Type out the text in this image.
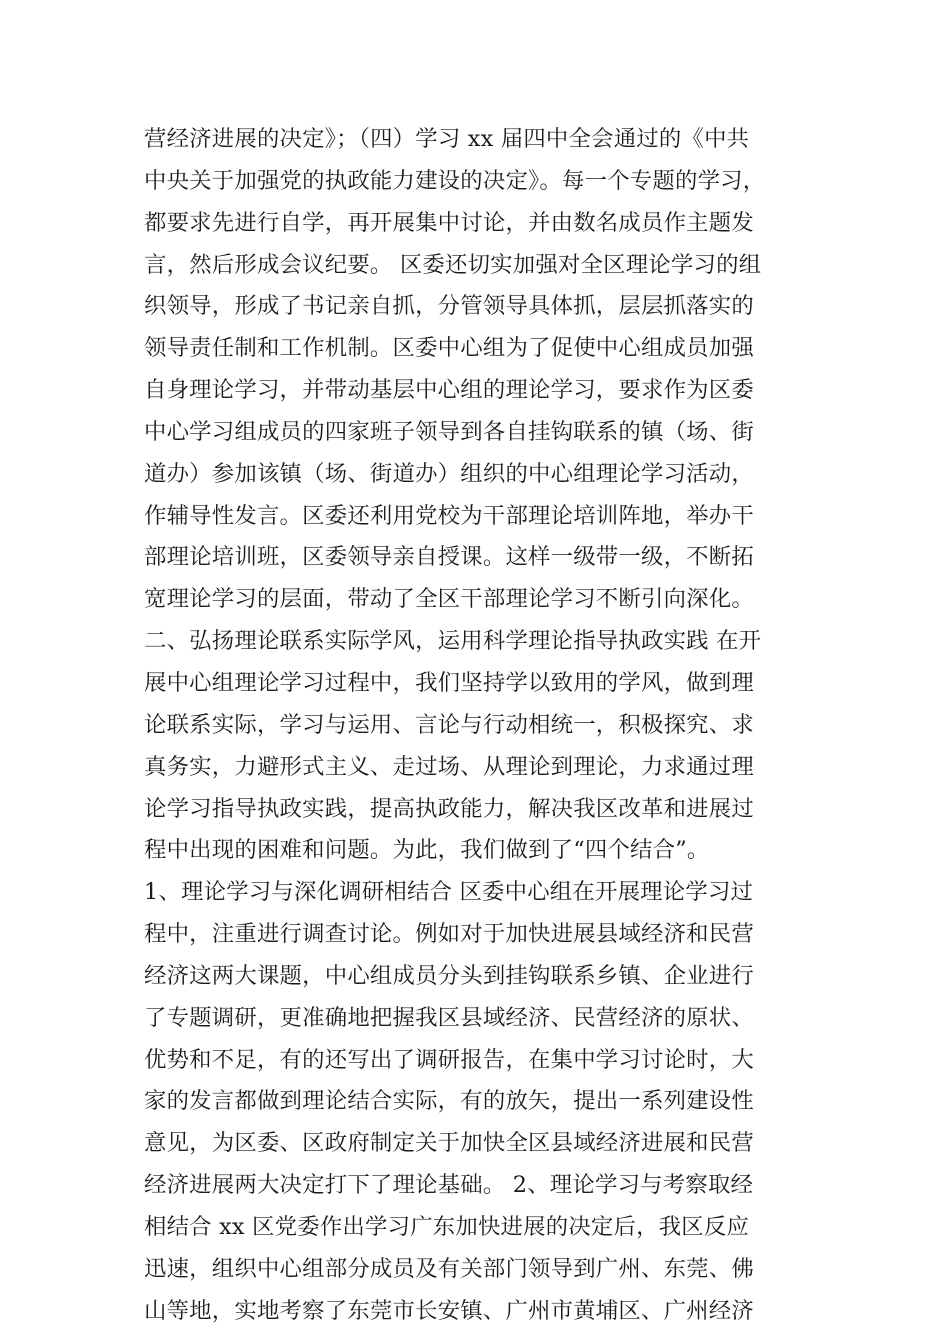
营经济进展的决定》；（四）学习 xx 届四中全会通过的《中共
中央关于加强党的执政能力建设的决定》。每一个专题的学习，
都要求先进行自学，再开展集中讨论，并由数名成员作主题发
言，然后形成会议纪要。 区委还切实加强对全区理论学习的组
织领导，形成了书记亲自抓，分管领导具体抓，层层抓落实的
领导责任制和工作机制。区委中心组为了促使中心组成员加强
自身理论学习，并带动基层中心组的理论学习，要求作为区委
中心学习组成员的四家班子领导到各自挂钩联系的镇（场、街
道办）参加该镇（场、街道办）组织的中心组理论学习活动，
作辅导性发言。区委还利用党校为干部理论培训阵地，举办干
部理论培训班，区委领导亲自授课。这样一级带一级，不断拓
宽理论学习的层面，带动了全区干部理论学习不断引向深化。
二、弘扬理论联系实际学风，运用科学理论指导执政实践 在开
展中心组理论学习过程中，我们坚持学以致用的学风，做到理
论联系实际，学习与运用、言论与行动相统一，积极探究、求
真务实，力避形式主义、走过场、从理论到理论，力求通过理
论学习指导执政实践，提高执政能力，解决我区改革和进展过
程中出现的困难和问题。为此，我们做到了“四个结合”。
1、理论学习与深化调研相结合 区委中心组在开展理论学习过
程中，注重进行调查讨论。例如对于加快进展县域经济和民营
经济这两大课题，中心组成员分头到挂钩联系乡镇、企业进行
了专题调研，更准确地把握我区县域经济、民营经济的原状、
优势和不足，有的还写出了调研报告，在集中学习讨论时，大
家的发言都做到理论结合实际，有的放矢，提出一系列建设性
意见，为区委、区政府制定关于加快全区县域经济进展和民营
经济进展两大决定打下了理论基础。 2、理论学习与考察取经
相结合 xx 区党委作出学习广东加快进展的决定后，我区反应
迅速，组织中心组部分成员及有关部门领导到广州、东莞、佛
山等地，实地考察了东莞市长安镇、广州市黄埔区、广州经济
